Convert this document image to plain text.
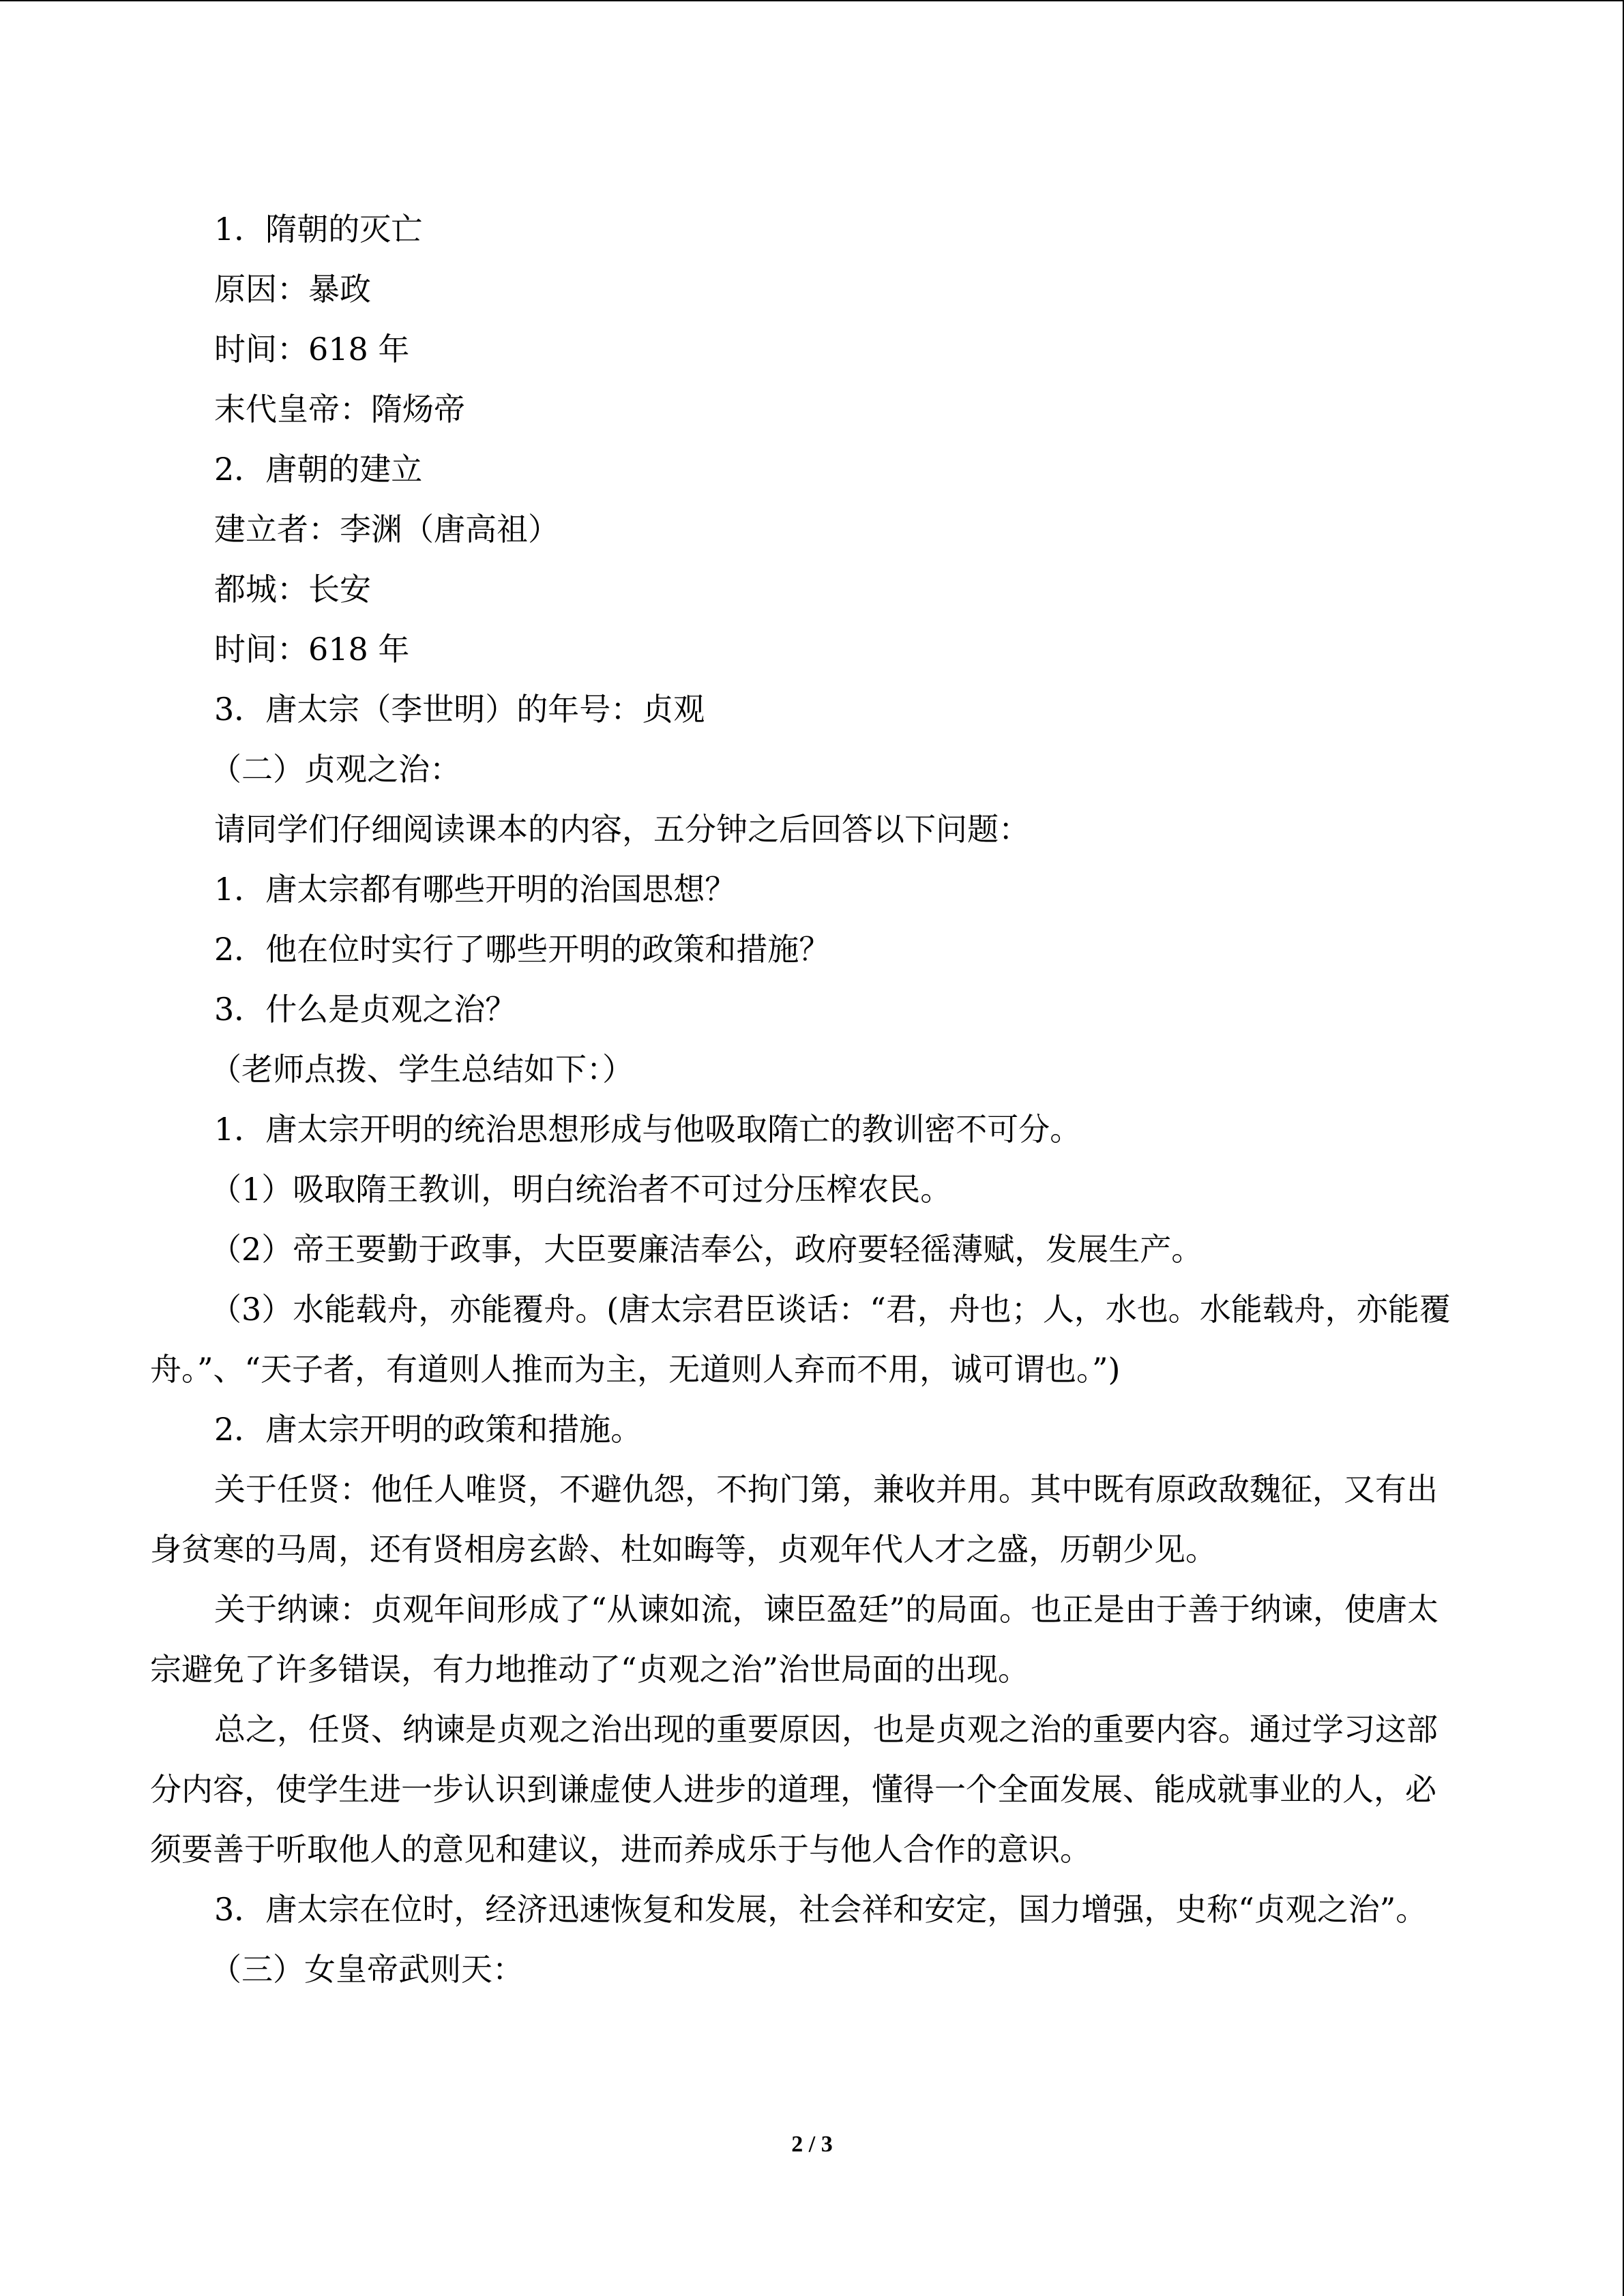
1．隋朝的灭亡
原因：暴政
时间：618 年
末代皇帝：隋炀帝
2．唐朝的建立
建立者：李渊（唐高祖）
都城：长安
时间：618 年
3．唐太宗（李世明）的年号：贞观
（二）贞观之治：
请同学们仔细阅读课本的内容，五分钟之后回答以下问题：
1．唐太宗都有哪些开明的治国思想？
2．他在位时实行了哪些开明的政策和措施？
3．什么是贞观之治？
（老师点拨、学生总结如下：）
1．唐太宗开明的统治思想形成与他吸取隋亡的教训密不可分。
（1）吸取隋王教训，明白统治者不可过分压榨农民。
（2）帝王要勤于政事，大臣要廉洁奉公，政府要轻徭薄赋，发展生产。
（3）水能载舟，亦能覆舟。(唐太宗君臣谈话：“君，舟也；人，水也。水能载舟，亦能覆舟。”、“天子者，有道则人推而为主，无道则人弃而不用，诚可谓也。”)
2．唐太宗开明的政策和措施。
关于任贤：他任人唯贤，不避仇怨，不拘门第，兼收并用。其中既有原政敌魏征，又有出身贫寒的马周，还有贤相房玄龄、杜如晦等，贞观年代人才之盛，历朝少见。
关于纳谏：贞观年间形成了“从谏如流，谏臣盈廷”的局面。也正是由于善于纳谏，使唐太宗避免了许多错误，有力地推动了“贞观之治”治世局面的出现。
总之，任贤、纳谏是贞观之治出现的重要原因，也是贞观之治的重要内容。通过学习这部分内容，使学生进一步认识到谦虚使人进步的道理，懂得一个全面发展、能成就事业的人，必须要善于听取他人的意见和建议，进而养成乐于与他人合作的意识。
3．唐太宗在位时，经济迅速恢复和发展，社会祥和安定，国力增强，史称“贞观之治”。
（三）女皇帝武则天：
2 / 3
